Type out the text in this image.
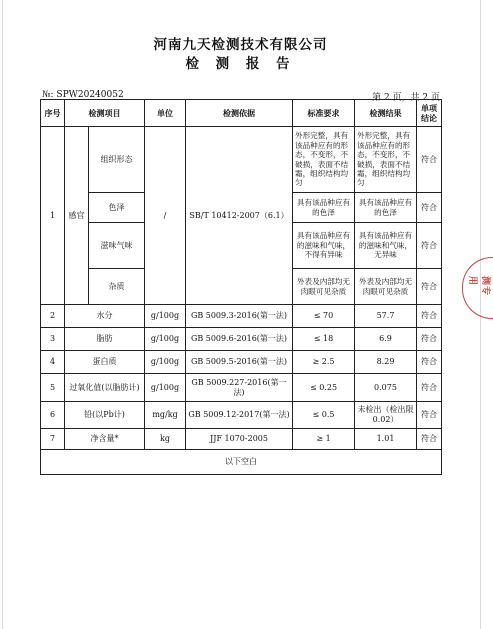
河南九天检测技术有限公司
检 测 报 告
№: SPW20240052	第 2 页，共 2 页
序号	检测项目		单位	检测依据	标准要求	检测结果	单项结论
1	感官	组织形态	/	SB/T 10412-2007（6.1）	外形完整，具有该品种应有的形态，不变形，不破损，表面不结霜，组织结构均匀	外形完整，具有该品种应有的形态，不变形，不破损，表面不结霜，组织结构均匀	符合
		色泽			具有该品种应有的色泽	具有该品种应有的色泽	符合
		滋味气味			具有该品种应有的滋味和气味，不得有异味	具有该品种应有的滋味和气味，无异味	符合
		杂质			外表及内部均无肉眼可见杂质	外表及内部均无肉眼可见杂质	符合
2	水分		g/100g	GB 5009.3-2016(第一法)	≤ 70	57.7	符合
3	脂肪		g/100g	GB 5009.6-2016(第一法)	≤ 18	6.9	符合
4	蛋白质		g/100g	GB 5009.5-2016(第一法)	≥ 2.5	8.29	符合
5	过氧化值(以脂肪计)		g/100g	GB 5009.227-2016(第一法)	≤ 0.25	0.075	符合
6	铅(以Pb计)		mg/kg	GB 5009.12-2017(第一法)	≤ 0.5	未检出（检出限0.02）	符合
7	净含量*		kg	JJF 1070-2005	≥ 1	1.01	符合
以下空白							
测专用
